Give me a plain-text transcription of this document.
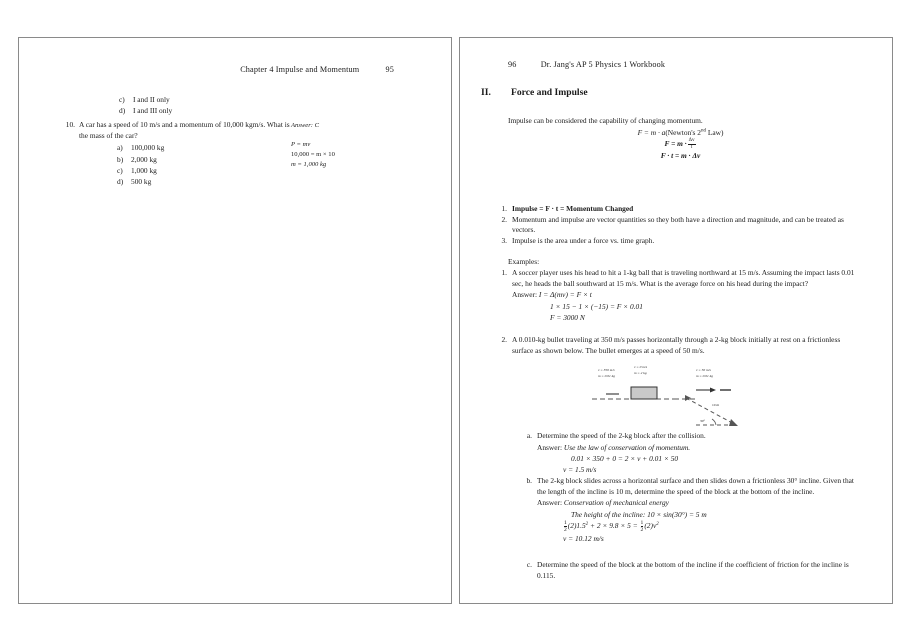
Chapter 4 Impulse and Momentum	95
c) I and II only
d) I and III only
10. A car has a speed of 10 m/s and a momentum of 10,000 kgm/s. What is the mass of the car?
a) 100,000 kg
b) 2,000 kg
c) 1,000 kg
d) 500 kg
Answer: C
P = mv
10,000 = m × 10
m = 1,000 kg
96	Dr. Jang's AP 5 Physics 1 Workbook
II. Force and Impulse
Impulse can be considered the capability of changing momentum.
F = m · a(Newton's 2nd Law)
$F = m \cdot \frac{\Delta v}{t}$
F · t = m · Δv
1. Impulse = F · t = Momentum Changed
2. Momentum and impulse are vector quantities so they both have a direction and magnitude, and can be treated as vectors.
3. Impulse is the area under a force vs. time graph.
Examples:
1. A soccer player uses his head to hit a 1-kg ball that is traveling northward at 15 m/s. Assuming the impact lasts 0.01 sec, he heads the ball southward at 15 m/s. What is the average force on his head during the impact?
Answer: I = Δ(mv) = F × t
1 × 15 − 1 × (−15) = F × 0.01
F = 3000 N
2. A 0.010-kg bullet traveling at 350 m/s passes horizontally through a 2-kg block initially at rest on a frictionless surface as shown below. The bullet emerges at a speed of 50 m/s.
v = 350 m/s
m = 0.01 kg
v = 0 m/s
m = 2 kg
v = 50 m/s
m = 0.01 kg
10 m
30°
a. Determine the speed of the 2-kg block after the collision.
Answer: Use the law of conservation of momentum.
0.01 × 350 + 0 = 2 × v + 0.01 × 50
v = 1.5 m/s
b. The 2-kg block slides across a horizontal surface and then slides down a frictionless 30° incline. Given that the length of the incline is 10 m, determine the speed of the block at the bottom of the incline.
Answer: Conservation of mechanical energy
The height of the incline: 10 × sin(30°) = 5 m
$\frac{1}{2} (2)1.5^2 + 2 \times 9.8 \times 5 = \frac{1}{2} (2)v^2$
v = 10.12 m/s
c. Determine the speed of the block at the bottom of the incline if the coefficient of friction for the incline is 0.115.
